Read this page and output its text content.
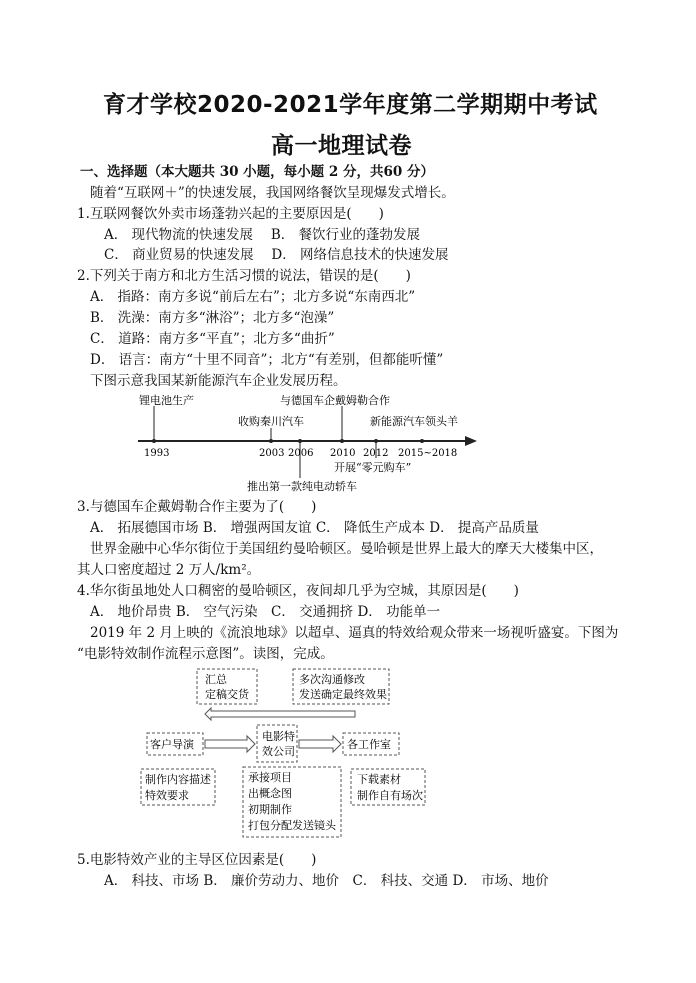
育才学校2020-2021学年度第二学期期中考试
高一地理试卷
一、选择题（本大题共 30 小题，每小题 2 分，共60 分）
随着“互联网＋”的快速发展，我国网络餐饮呈现爆发式增长。
1.互联网餐饮外卖市场蓬勃兴起的主要原因是(　　)
A． 现代物流的快速发展　 B． 餐饮行业的蓬勃发展
C． 商业贸易的快速发展　 D． 网络信息技术的快速发展
2.下列关于南方和北方生活习惯的说法，错误的是(　　)
A． 指路：南方多说“前后左右”；北方多说“东南西北”
B． 洗澡：南方多“淋浴”；北方多“泡澡”
C． 道路：南方多“平直”；北方多“曲折”
D． 语言：南方“十里不同音”；北方“有差别，但都能听懂”
下图示意我国某新能源汽车企业发展历程。
锂电池生产	与德国车企戴姆勒合作
收购秦川汽车	新能源汽车领头羊
1993	2003 2006 2010 2012 2015~2018
开展“零元购车”
推出第一款纯电动轿车
3.与德国车企戴姆勒合作主要为了(　　)
A． 拓展德国市场 B． 增强两国友谊 C． 降低生产成本 D． 提高产品质量
世界金融中心华尔街位于美国纽约曼哈顿区。曼哈顿是世界上最大的摩天大楼集中区，
其人口密度超过 2 万人/km²。
4.华尔街虽地处人口稠密的曼哈顿区，夜间却几乎为空城，其原因是(　　)
A． 地价昂贵 B． 空气污染　C． 交通拥挤 D． 功能单一
2019 年 2 月上映的《流浪地球》以超卓、逼真的特效给观众带来一场视听盛宴。下图为
“电影特效制作流程示意图”。读图，完成。
汇总
定稿交货
多次沟通修改
发送确定最终效果
客户导演
电影特
效公司
各工作室
制作内容描述
特效要求
承接项目
出概念图
初期制作
打包分配发送镜头
下载素材
制作自有场次
5.电影特效产业的主导区位因素是(　　)
A． 科技、市场 B． 廉价劳动力、地价　C． 科技、交通 D． 市场、地价
